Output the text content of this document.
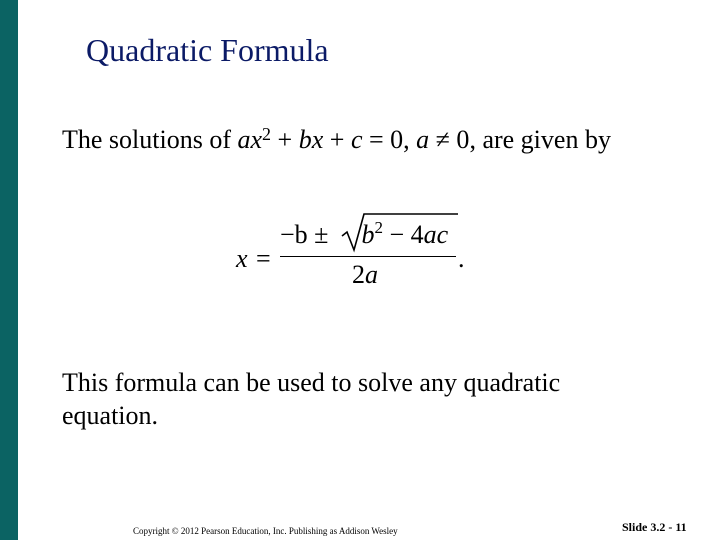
Quadratic Formula
The solutions of $ax^2$ + bx + c = 0, a ≠ 0, are given by
x =
$-b \pm b^2 - 4ac$
2a
.
This formula can be used to solve any quadratic equation.
Copyright © 2012 Pearson Education, Inc. Publishing as Addison Wesley	Slide 3.2 - 11
